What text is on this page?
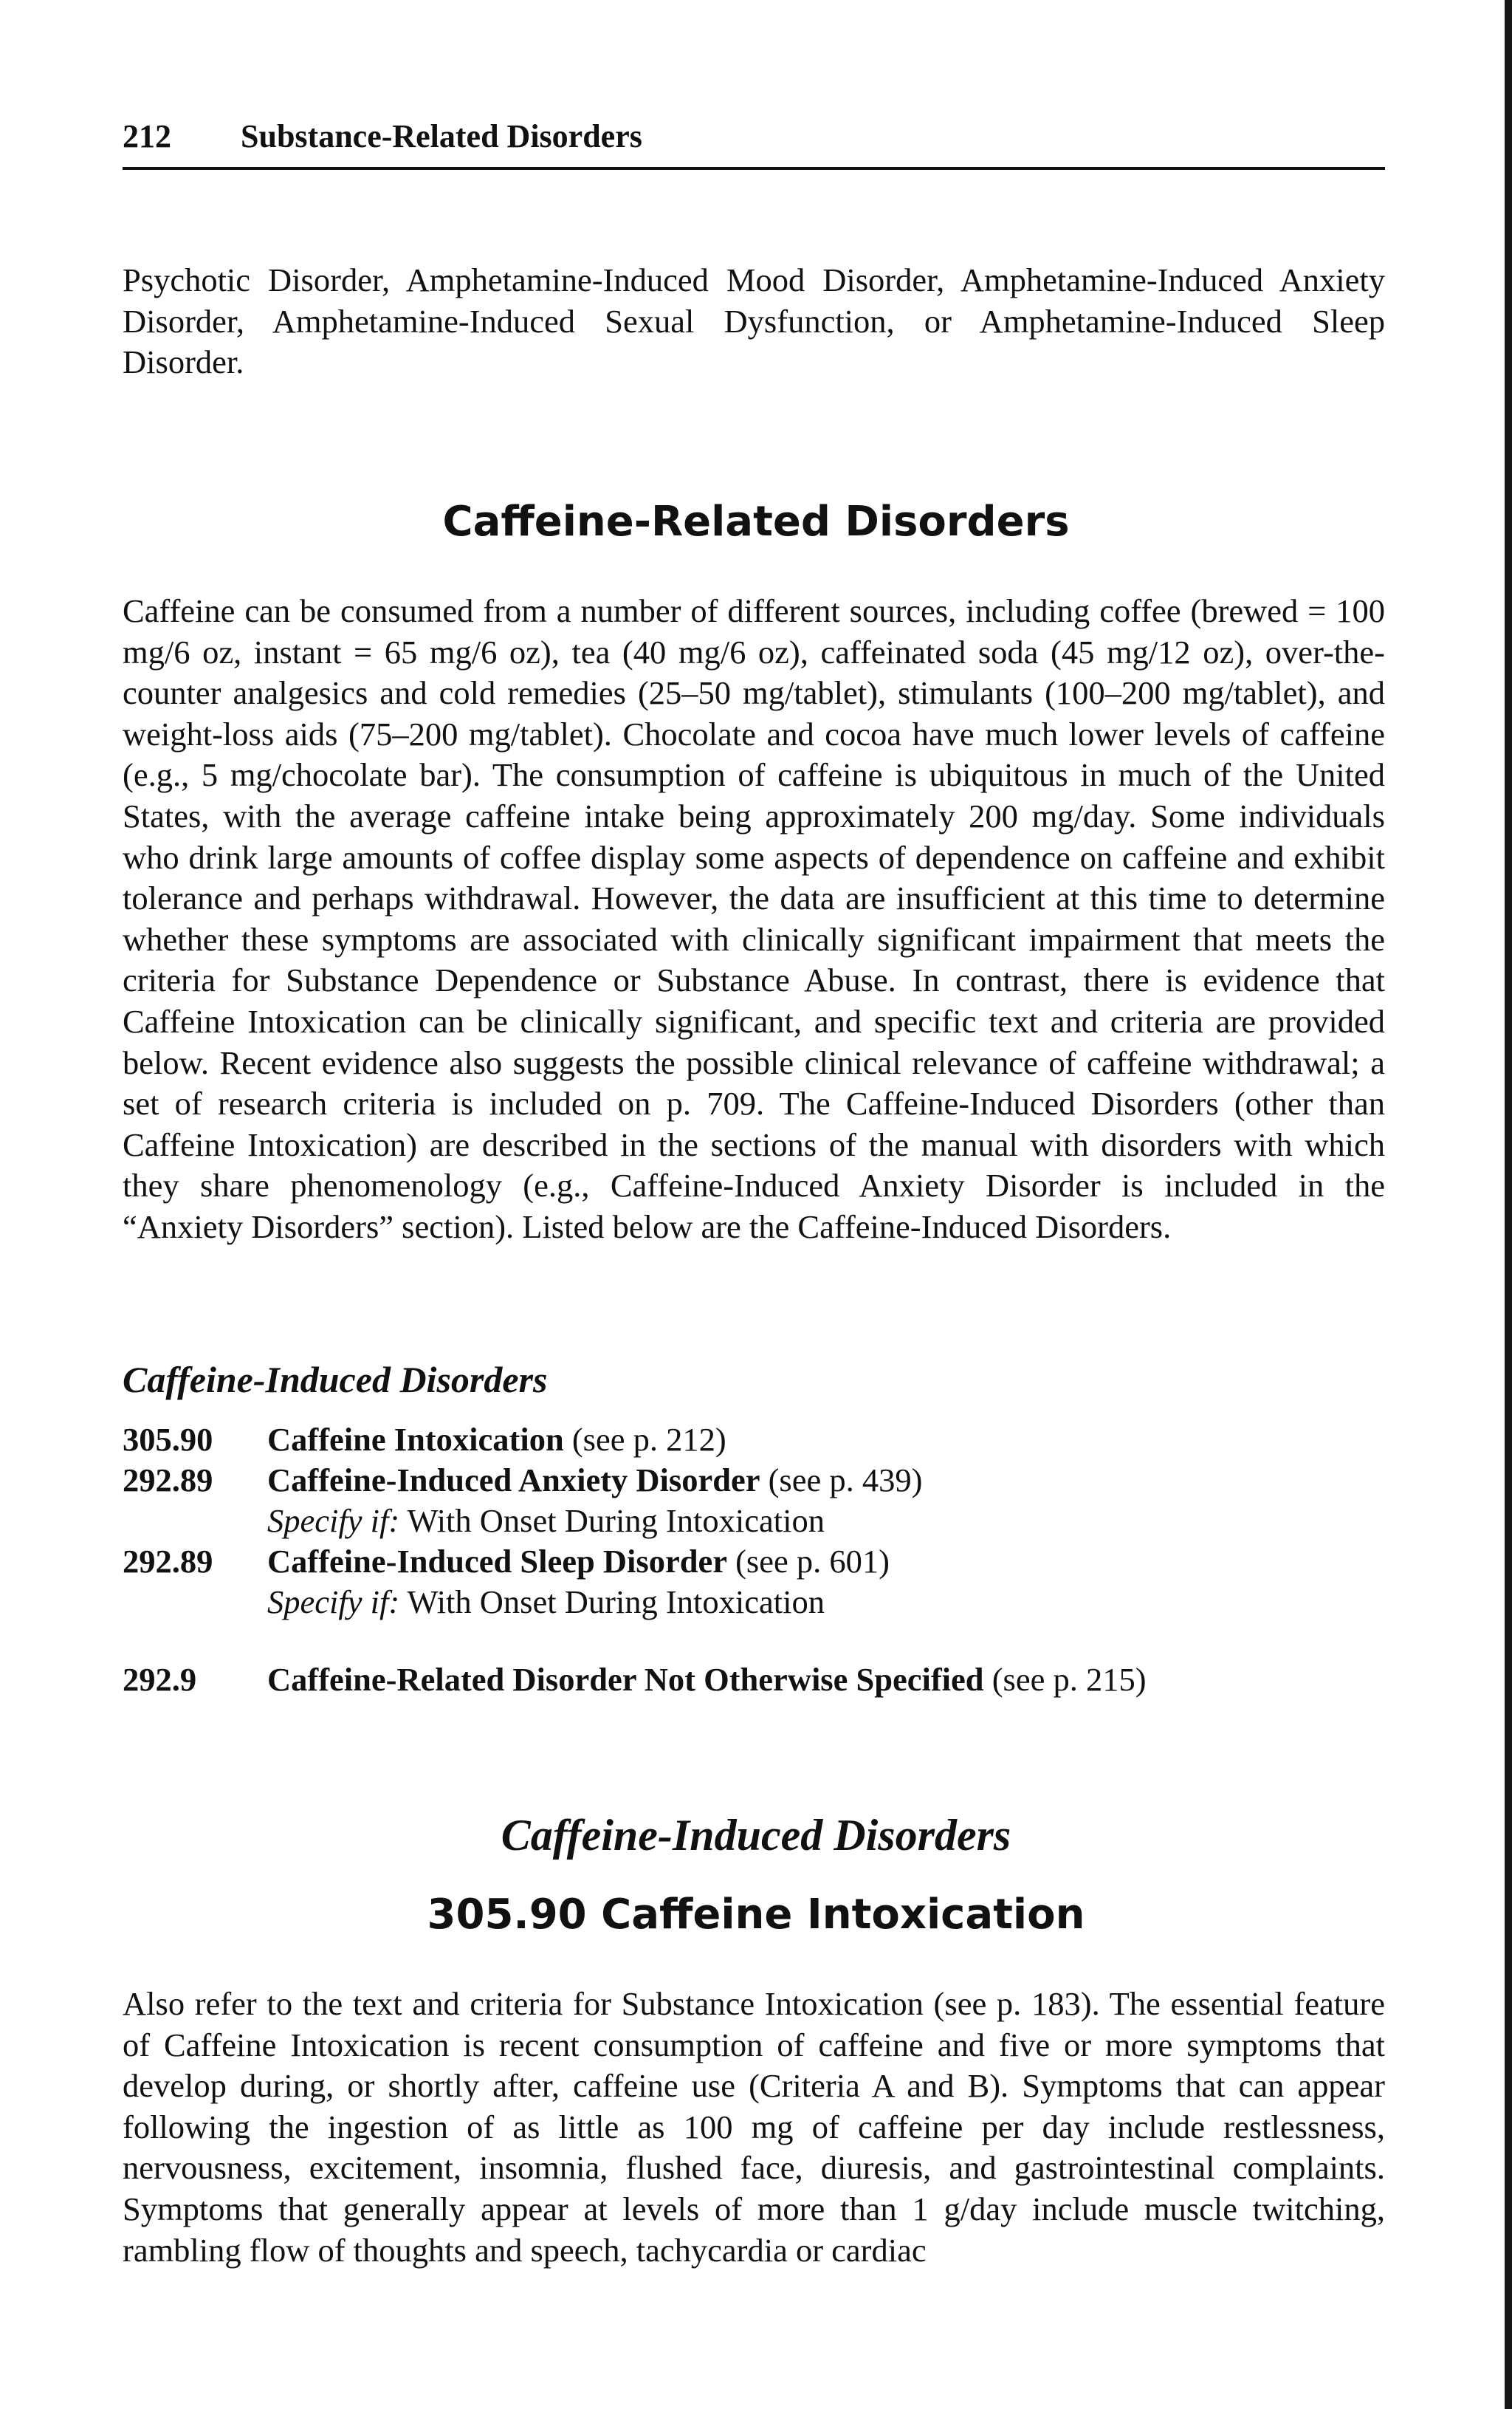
212 Substance-Related Disorders

Psychotic Disorder, Amphetamine-Induced Mood Disorder, Amphetamine-Induced Anxiety Disorder, Amphetamine-Induced Sexual Dysfunction, or Amphetamine-Induced Sleep Disorder.

Caffeine-Related Disorders

Caffeine can be consumed from a number of different sources, including coffee (brewed = 100 mg/6 oz, instant = 65 mg/6 oz), tea (40 mg/6 oz), caffeinated soda (45 mg/12 oz), over-the-counter analgesics and cold remedies (25–50 mg/tablet), stimulants (100–200 mg/tablet), and weight-loss aids (75–200 mg/tablet). Chocolate and cocoa have much lower levels of caffeine (e.g., 5 mg/chocolate bar). The consumption of caffeine is ubiquitous in much of the United States, with the average caffeine intake being approximately 200 mg/day. Some individuals who drink large amounts of coffee display some aspects of dependence on caffeine and exhibit tolerance and perhaps withdrawal. However, the data are insufficient at this time to determine whether these symptoms are associated with clinically significant impairment that meets the criteria for Substance Dependence or Substance Abuse. In contrast, there is evidence that Caffeine Intoxication can be clinically significant, and specific text and criteria are provided below. Recent evidence also suggests the possible clinical relevance of caffeine withdrawal; a set of research criteria is included on p. 709. The Caffeine-Induced Disorders (other than Caffeine Intoxication) are described in the sections of the manual with disorders with which they share phenomenology (e.g., Caffeine-Induced Anxiety Disorder is included in the “Anxiety Disorders” section). Listed below are the Caffeine-Induced Disorders.

Caffeine-Induced Disorders
305.90	Caffeine Intoxication (see p. 212)
292.89	Caffeine-Induced Anxiety Disorder (see p. 439)
Specify if: With Onset During Intoxication
292.89	Caffeine-Induced Sleep Disorder (see p. 601)
Specify if: With Onset During Intoxication
292.9	Caffeine-Related Disorder Not Otherwise Specified (see p. 215)
Caffeine-Induced Disorders
305.90 Caffeine Intoxication

Also refer to the text and criteria for Substance Intoxication (see p. 183). The essential feature of Caffeine Intoxication is recent consumption of caffeine and five or more symptoms that develop during, or shortly after, caffeine use (Criteria A and B). Symptoms that can appear following the ingestion of as little as 100 mg of caffeine per day include restlessness, nervousness, excitement, insomnia, flushed face, diuresis, and gastrointestinal complaints. Symptoms that generally appear at levels of more than 1 g/day include muscle twitching, rambling flow of thoughts and speech, tachycardia or cardiac
